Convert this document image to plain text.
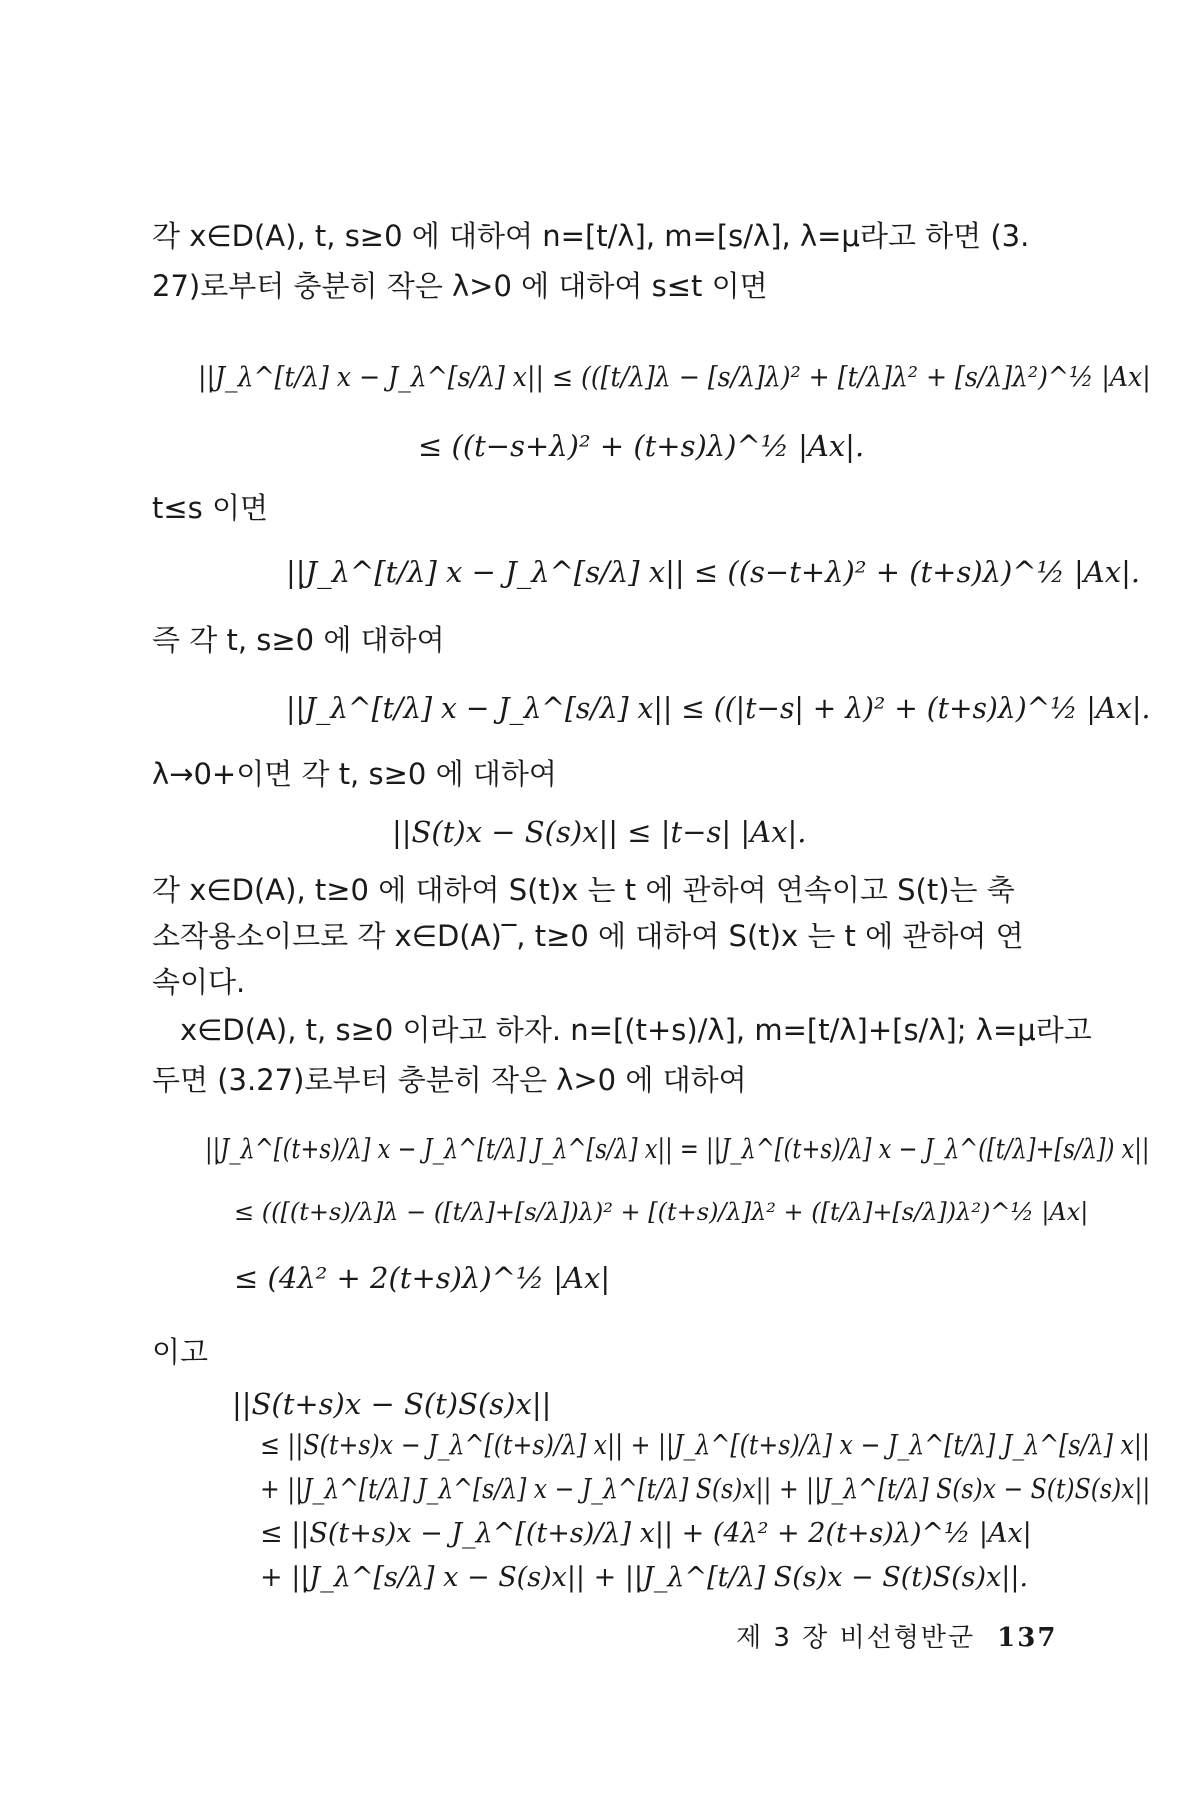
각 x∈D(A), t, s≥0 에 대하여 n=[t/λ], m=[s/λ], λ=μ라고 하면 (3.
27)로부터 충분히 작은 λ>0 에 대하여 s≤t 이면
||J_λ^[t/λ] x − J_λ^[s/λ] x|| ≤ (([t/λ]λ − [s/λ]λ)² + [t/λ]λ² + [s/λ]λ²)^½ |Ax|
≤ ((t−s+λ)² + (t+s)λ)^½ |Ax|.
t≤s 이면
||J_λ^[t/λ] x − J_λ^[s/λ] x|| ≤ ((s−t+λ)² + (t+s)λ)^½ |Ax|.
즉 각 t, s≥0 에 대하여
||J_λ^[t/λ] x − J_λ^[s/λ] x|| ≤ ((|t−s| + λ)² + (t+s)λ)^½ |Ax|.
λ→0+이면 각 t, s≥0 에 대하여
||S(t)x − S(s)x|| ≤ |t−s| |Ax|.
각 x∈D(A), t≥0 에 대하여 S(t)x 는 t 에 관하여 연속이고 S(t)는 축
소작용소이므로 각 x∈D(A)‾, t≥0 에 대하여 S(t)x 는 t 에 관하여 연
속이다.
x∈D(A), t, s≥0 이라고 하자. n=[(t+s)/λ], m=[t/λ]+[s/λ]; λ=μ라고
두면 (3.27)로부터 충분히 작은 λ>0 에 대하여
||J_λ^[(t+s)/λ] x − J_λ^[t/λ] J_λ^[s/λ] x|| = ||J_λ^[(t+s)/λ] x − J_λ^([t/λ]+[s/λ]) x||
≤ (([(t+s)/λ]λ − ([t/λ]+[s/λ])λ)² + [(t+s)/λ]λ² + ([t/λ]+[s/λ])λ²)^½ |Ax|
≤ (4λ² + 2(t+s)λ)^½ |Ax|
이고
||S(t+s)x − S(t)S(s)x||
≤ ||S(t+s)x − J_λ^[(t+s)/λ] x|| + ||J_λ^[(t+s)/λ] x − J_λ^[t/λ] J_λ^[s/λ] x||
+ ||J_λ^[t/λ] J_λ^[s/λ] x − J_λ^[t/λ] S(s)x|| + ||J_λ^[t/λ] S(s)x − S(t)S(s)x||
≤ ||S(t+s)x − J_λ^[(t+s)/λ] x|| + (4λ² + 2(t+s)λ)^½ |Ax|
+ ||J_λ^[s/λ] x − S(s)x|| + ||J_λ^[t/λ] S(s)x − S(t)S(s)x||.
제 3 장 비선형반군 137
